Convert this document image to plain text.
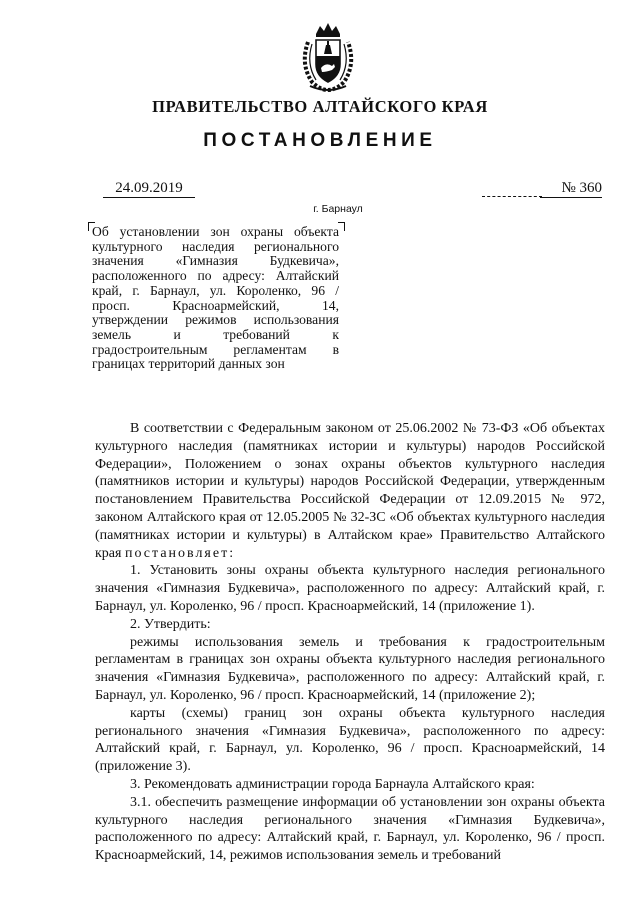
ПРАВИТЕЛЬСТВО АЛТАЙСКОГО КРАЯ
ПОСТАНОВЛЕНИЕ
24.09.2019	№ 360
г. Барнаул
Об установлении зон охраны объекта культурного наследия регионального значения «Гимназия Будкевича», расположенного по адресу: Алтайский край, г. Барнаул, ул. Короленко, 96 / просп. Красноармейский, 14, утверждении режимов использования земель и требований к градостроительным регламентам в границах территорий данных зон

В соответствии с Федеральным законом от 25.06.2002 № 73-ФЗ «Об объектах культурного наследия (памятниках истории и культуры) народов Российской Федерации», Положением о зонах охраны объектов культурного наследия (памятников истории и культуры) народов Российской Федерации, утвержденным постановлением Правительства Российской Федерации от 12.09.2015 № 972, законом Алтайского края от 12.05.2005 № 32-ЗС «Об объектах культурного наследия (памятниках истории и культуры) в Алтайском крае» Правительство Алтайского края постановляет:

1. Установить зоны охраны объекта культурного наследия регионального значения «Гимназия Будкевича», расположенного по адресу: Алтайский край, г. Барнаул, ул. Короленко, 96 / просп. Красноармейский, 14 (приложение 1).

2. Утвердить:

режимы использования земель и требования к градостроительным регламентам в границах зон охраны объекта культурного наследия регионального значения «Гимназия Будкевича», расположенного по адресу: Алтайский край, г. Барнаул, ул. Короленко, 96 / просп. Красноармейский, 14 (приложение 2);

карты (схемы) границ зон охраны объекта культурного наследия регионального значения «Гимназия Будкевича», расположенного по адресу: Алтайский край, г. Барнаул, ул. Короленко, 96 / просп. Красноармейский, 14 (приложение 3).

3. Рекомендовать администрации города Барнаула Алтайского края:

3.1. обеспечить размещение информации об установлении зон охраны объекта культурного наследия регионального значения «Гимназия Будкевича», расположенного по адресу: Алтайский край, г. Барнаул, ул. Короленко, 96 / просп. Красноармейский, 14, режимов использования земель и требований
